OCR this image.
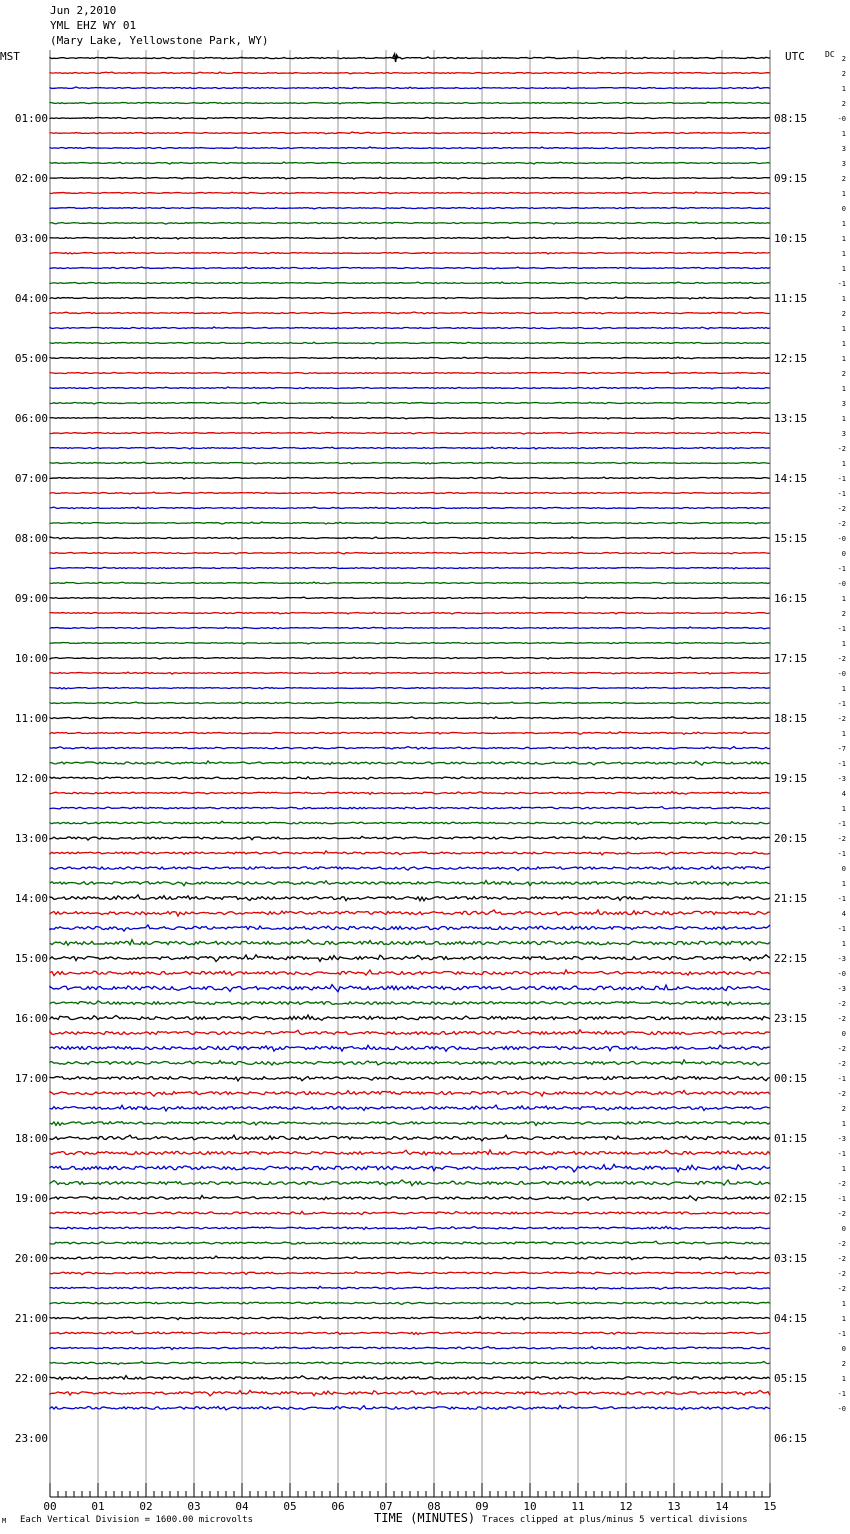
Jun 2,2010
YML EHZ WY 01
(Mary Lake, Yellowstone Park, WY)
MST	UTC	DC 2
2
1
2
-0
1
3
3
2
1
0
1
1
1
1
-1
1
2
1
1
1
2
1
3
1
3
-2
1
-1
-1
-2
-2
-0
0
-1
-0
1
2
-1
1
-2
-0
1
-1
-2
1
-7
-1
-3
4
1
-1
-2
-1
0
1
-1
4
-1
1
-3
-0
-3
-2
-2
0
-2
-2
-1
-2
2
1
-3
-1
1
-2
-1
-2
0
-2
-2
-2
-2
1
1
-1
0
2
1
-1
-0
01:00
02:00
03:00
04:00
05:00
06:00
07:00
08:00
09:00
10:00
11:00
12:00
13:00
14:00
15:00
16:00
17:00
18:00
19:00
20:00
21:00
22:00
23:00
08:15
09:15
10:15
11:15
12:15
13:15
14:15
15:15
16:15
17:15
18:15
19:15
20:15
21:15
22:15
23:15
00:15
01:15
02:15
03:15
04:15
05:15
06:15
00	01	02	03	04	05	06	07	08	09	10	11	12	13	14	15
TIME (MINUTES)
M Each Vertical Division = 1600.00 microvolts	Traces clipped at plus/minus 5 vertical divisions
